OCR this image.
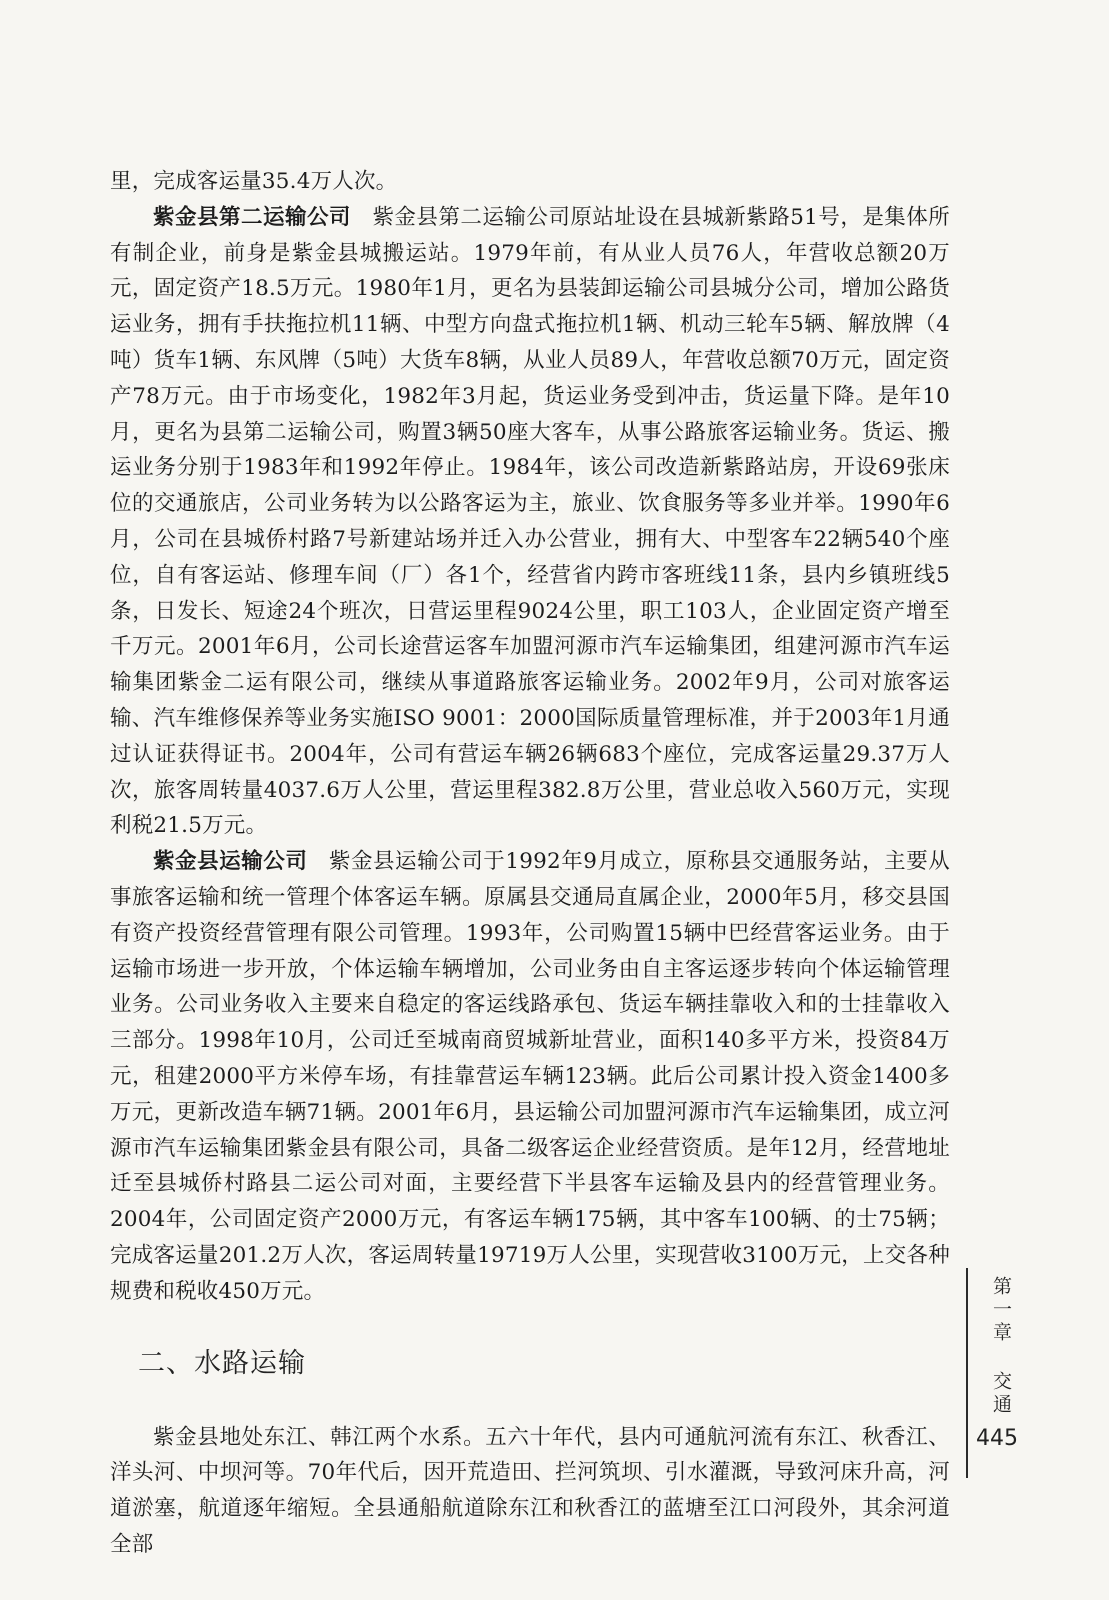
里，完成客运量35.4万人次。

紫金县第二运输公司 紫金县第二运输公司原站址设在县城新紫路51号，是集体所有制企业，前身是紫金县城搬运站。1979年前，有从业人员76人，年营收总额20万元，固定资产18.5万元。1980年1月，更名为县装卸运输公司县城分公司，增加公路货运业务，拥有手扶拖拉机11辆、中型方向盘式拖拉机1辆、机动三轮车5辆、解放牌（4吨）货车1辆、东风牌（5吨）大货车8辆，从业人员89人，年营收总额70万元，固定资产78万元。由于市场变化，1982年3月起，货运业务受到冲击，货运量下降。是年10月，更名为县第二运输公司，购置3辆50座大客车，从事公路旅客运输业务。货运、搬运业务分别于1983年和1992年停止。1984年，该公司改造新紫路站房，开设69张床位的交通旅店，公司业务转为以公路客运为主，旅业、饮食服务等多业并举。1990年6月，公司在县城侨村路7号新建站场并迁入办公营业，拥有大、中型客车22辆540个座位，自有客运站、修理车间（厂）各1个，经营省内跨市客班线11条，县内乡镇班线5条，日发长、短途24个班次，日营运里程9024公里，职工103人，企业固定资产增至千万元。2001年6月，公司长途营运客车加盟河源市汽车运输集团，组建河源市汽车运输集团紫金二运有限公司，继续从事道路旅客运输业务。2002年9月，公司对旅客运输、汽车维修保养等业务实施ISO 9001：2000国际质量管理标准，并于2003年1月通过认证获得证书。2004年，公司有营运车辆26辆683个座位，完成客运量29.37万人次，旅客周转量4037.6万人公里，营运里程382.8万公里，营业总收入560万元，实现利税21.5万元。

紫金县运输公司 紫金县运输公司于1992年9月成立，原称县交通服务站，主要从事旅客运输和统一管理个体客运车辆。原属县交通局直属企业，2000年5月，移交县国有资产投资经营管理有限公司管理。1993年，公司购置15辆中巴经营客运业务。由于运输市场进一步开放，个体运输车辆增加，公司业务由自主客运逐步转向个体运输管理业务。公司业务收入主要来自稳定的客运线路承包、货运车辆挂靠收入和的士挂靠收入三部分。1998年10月，公司迁至城南商贸城新址营业，面积140多平方米，投资84万元，租建2000平方米停车场，有挂靠营运车辆123辆。此后公司累计投入资金1400多万元，更新改造车辆71辆。2001年6月，县运输公司加盟河源市汽车运输集团，成立河源市汽车运输集团紫金县有限公司，具备二级客运企业经营资质。是年12月，经营地址迁至县城侨村路县二运公司对面，主要经营下半县客车运输及县内的经营管理业务。2004年，公司固定资产2000万元，有客运车辆175辆，其中客车100辆、的士75辆；完成客运量201.2万人次，客运周转量19719万人公里，实现营收3100万元，上交各种规费和税收450万元。

二、水路运输

紫金县地处东江、韩江两个水系。五六十年代，县内可通航河流有东江、秋香江、洋头河、中坝河等。70年代后，因开荒造田、拦河筑坝、引水灌溉，导致河床升高，河道淤塞，航道逐年缩短。全县通船航道除东江和秋香江的蓝塘至江口河段外，其余河道全部

第一章
交通
445
